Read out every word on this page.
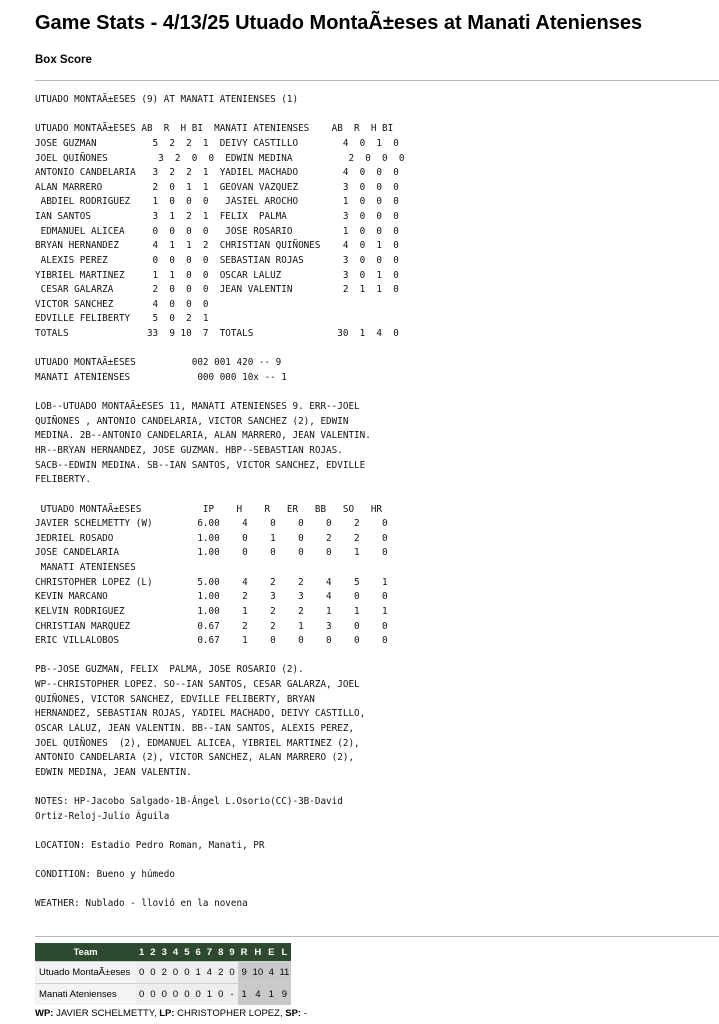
Game Stats - 4/13/25 Utuado MontaÃ±eses at Manati Atenienses
Box Score
UTUADO MONTAÃ±ESES (9) AT MANATI ATENIENSES (1)

UTUADO MONTAÃ±ESES AB  R  H BI  MANATI ATENIENSES    AB  R  H BI
JOSE GUZMAN          5  2  2  1  DEIVY CASTILLO        4  0  1  0
JOEL QUIÑONES         3  2  0  0  EDWIN MEDINA          2  0  0  0
ANTONIO CANDELARIA   3  2  2  1  YADIEL MACHADO        4  0  0  0
ALAN MARRERO         2  0  1  1  GEOVAN VAZQUEZ        3  0  0  0
ABDIEL RODRIGUEZ    1  0  0  0   JASIEL AROCHO        1  0  0  0
IAN SANTOS           3  1  2  1  FELIX  PALMA          3  0  0  0
EDMANUEL ALICEA     0  0  0  0   JOSE ROSARIO         1  0  0  0
BRYAN HERNANDEZ      4  1  1  2  CHRISTIAN QUIÑONES    4  0  1  0
ALEXIS PEREZ        0  0  0  0  SEBASTIAN ROJAS       3  0  0  0
YIBRIEL MARTINEZ     1  1  0  0  OSCAR LALUZ           3  0  1  0
CESAR GALARZA       2  0  0  0  JEAN VALENTIN         2  1  1  0
VICTOR SANCHEZ       4  0  0  0
EDVILLE FELIBERTY    5  0  2  1
TOTALS              33  9 10  7  TOTALS               30  1  4  0

UTUADO MONTAÃ±ESES          002 001 420 -- 9
MANATI ATENIENSES            000 000 10x -- 1

LOB--UTUADO MONTAÃ±ESES 11, MANATI ATENIENSES 9. ERR--JOEL
QUIÑONES , ANTONIO CANDELARIA, VICTOR SANCHEZ (2), EDWIN
MEDINA. 2B--ANTONIO CANDELARIA, ALAN MARRERO, JEAN VALENTIN.
HR--BRYAN HERNANDEZ, JOSE GUZMAN. HBP--SEBASTIAN ROJAS.
SACB--EDWIN MEDINA. SB--IAN SANTOS, VICTOR SANCHEZ, EDVILLE
FELIBERTY.

UTUADO MONTAÃ±ESES           IP    H    R   ER   BB   SO   HR
JAVIER SCHELMETTY (W)        6.00    4    0    0    0    2    0
JEDRIEL ROSADO               1.00    0    1    0    2    2    0
JOSE CANDELARIA              1.00    0    0    0    0    1    0
MANATI ATENIENSES
CHRISTOPHER LOPEZ (L)        5.00    4    2    2    4    5    1
KEVIN MARCANO                1.00    2    3    3    4    0    0
KELVIN RODRIGUEZ             1.00    1    2    2    1    1    1
CHRISTIAN MARQUEZ            0.67    2    2    1    3    0    0
ERIC VILLALOBOS              0.67    1    0    0    0    0    0

PB--JOSE GUZMAN, FELIX  PALMA, JOSE ROSARIO (2).
WP--CHRISTOPHER LOPEZ. SO--IAN SANTOS, CESAR GALARZA, JOEL
QUIÑONES, VICTOR SANCHEZ, EDVILLE FELIBERTY, BRYAN
HERNANDEZ, SEBASTIAN ROJAS, YADIEL MACHADO, DEIVY CASTILLO,
OSCAR LALUZ, JEAN VALENTIN. BB--IAN SANTOS, ALEXIS PEREZ,
JOEL QUIÑONES  (2), EDMANUEL ALICEA, YIBRIEL MARTINEZ (2),
ANTONIO CANDELARIA (2), VICTOR SANCHEZ, ALAN MARRERO (2),
EDWIN MEDINA, JEAN VALENTIN.

NOTES: HP-Jacobo Salgado-1B-Ángel L.Osorio(CC)-3B-David
Ortiz-Reloj-Julio Águila

LOCATION: Estadio Pedro Roman, Manati, PR

CONDITION: Bueno y húmedo

WEATHER: Nublado - llovió en la novena

Team	1	2	3	4	5	6	7	8	9	R	H	E	L
Utuado MontaÃ±eses	0	0	2	0	0	1	4	2	0	9	10	4	11
Manati Atenienses	0	0	0	0	0	0	1	0	-	1	4	1	9
WP: JAVIER SCHELMETTY, LP: CHRISTOPHER LOPEZ, SP: -
